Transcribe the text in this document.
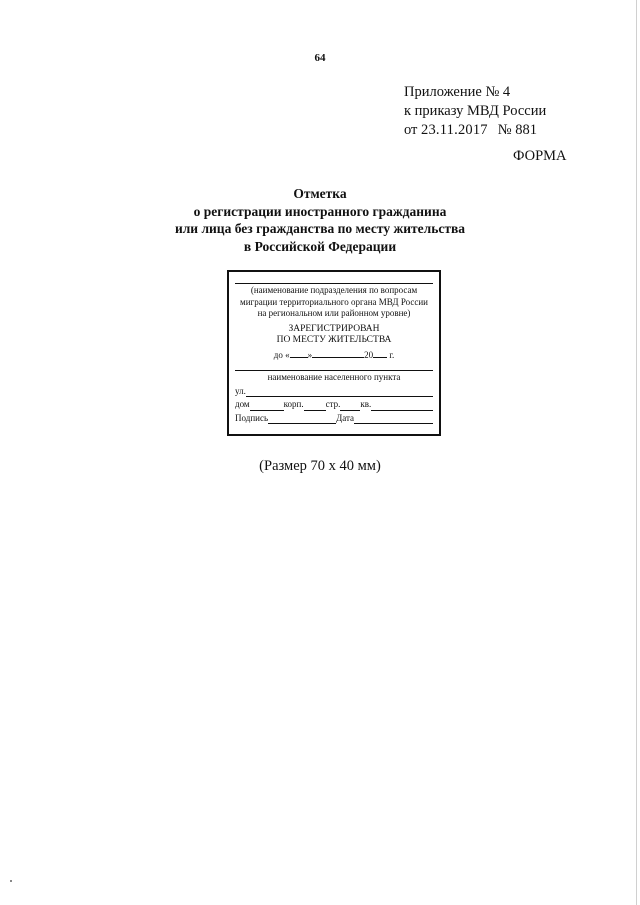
64
Приложение № 4
к приказу МВД России
от 23.11.2017 № 881
ФОРМА
Отметка
о регистрации иностранного гражданина
или лица без гражданства по месту жительства
в Российской Федерации
(наименование подразделения по вопросам миграции территориального органа МВД России на региональном или районном уровне)
ЗАРЕГИСТРИРОВАН
ПО МЕСТУ ЖИТЕЛЬСТВА
до « »	20 г.
наименование населенного пункта
ул.
дом	корп. стр. кв.
Подпись	Дата
(Размер 70 х 40 мм)
